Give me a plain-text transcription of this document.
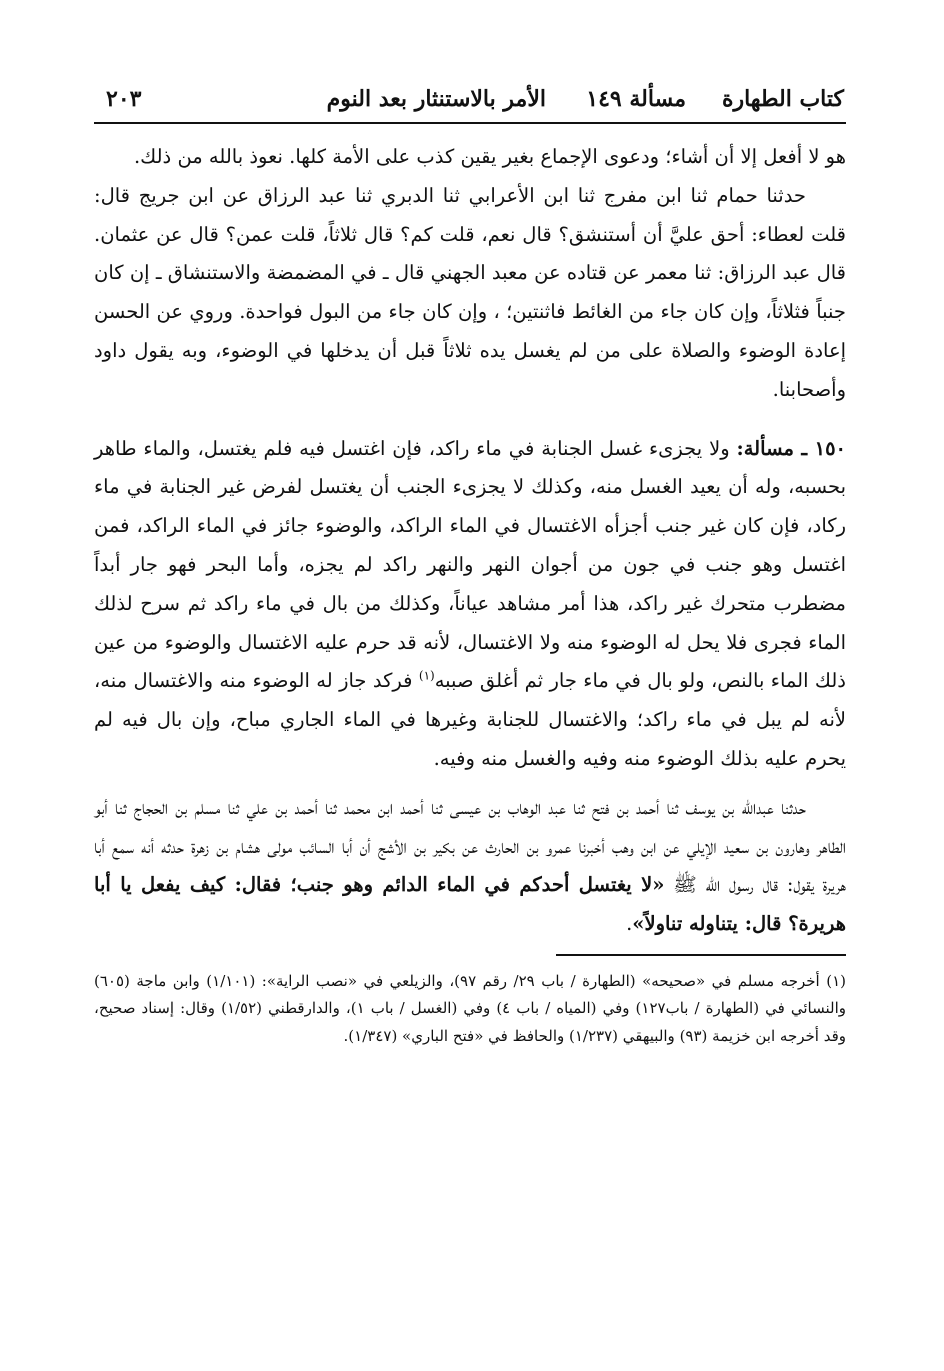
كتاب الطهارة
مسألة ١٤٩
الأمر بالاستنثار بعد النوم
٢٠٣

هو لا أفعل إلا أن أشاء؛ ودعوى الإجماع بغير يقين كذب على الأمة كلها. نعوذ بالله من ذلك.

حدثنا حمام ثنا ابن مفرج ثنا ابن الأعرابي ثنا الدبري ثنا عبد الرزاق عن ابن جريج قال: قلت لعطاء: أحق عليَّ أن أستنشق؟ قال نعم، قلت كم؟ قال ثلاثاً، قلت عمن؟ قال عن عثمان. قال عبد الرزاق: ثنا معمر عن قتاده عن معبد الجهني قال ـ في المضمضة والاستنشاق ـ إن كان جنباً فثلاثاً، وإن كان جاء من الغائط فاثنتين؛ ، وإن كان جاء من البول فواحدة. وروي عن الحسن إعادة الوضوء والصلاة على من لم يغسل يده ثلاثاً قبل أن يدخلها في الوضوء، وبه يقول داود وأصحابنا.

١٥٠ ـ مسألة: ولا يجزىء غسل الجنابة في ماء راكد، فإن اغتسل فيه فلم يغتسل، والماء طاهر بحسبه، وله أن يعيد الغسل منه، وكذلك لا يجزىء الجنب أن يغتسل لفرض غير الجنابة في ماء ركاد، فإن كان غير جنب أجزأه الاغتسال في الماء الراكد، والوضوء جائز في الماء الراكد، فمن اغتسل وهو جنب في جون من أجوان النهر والنهر راكد لم يجزه، وأما البحر فهو جار أبداً مضطرب متحرك غير راكد، هذا أمر مشاهد عياناً، وكذلك من بال في ماء راكد ثم سرح لذلك الماء فجرى فلا يحل له الوضوء منه ولا الاغتسال، لأنه قد حرم عليه الاغتسال والوضوء من عين ذلك الماء بالنص، ولو بال في ماء جار ثم أغلق صببه$^{(١)}$ فركد جاز له الوضوء منه والاغتسال منه، لأنه لم يبل في ماء راكد؛ والاغتسال للجنابة وغيرها في الماء الجاري مباح، وإن بال فيه لم يحرم عليه بذلك الوضوء منه وفيه والغسل منه وفيه.

حدثنا عبدالله بن يوسف ثنا أحمد بن فتح ثنا عبد الوهاب بن عيسى ثنا أحمد ابن محمد ثنا أحمد بن علي ثنا مسلم بن الحجاج ثنا أبو الطاهر وهارون بن سعيد الإيلي عن ابن وهب أخبرنا عمرو بن الحارث عن بكير بن الأشج أن أبا السائب مولى هشام بن زهرة حدثه أنه سمع أبا هريرة يقول: قال رسول الله ﷺ «لا يغتسل أحدكم في الماء الدائم وهو جنب؛ فقال: كيف يفعل يا أبا هريرة؟ قال: يتناوله تناولاً».

(١) أخرجه مسلم في «صحيحه» (الطهارة / باب ٢٩/ رقم ٩٧)، والزيلعي في «نصب الراية»: (١/١٠١) وابن ماجة (٦٠٥) والنسائي في (الطهارة / باب١٢٧) وفي (المياه / باب ٤) وفي (الغسل / باب ١)، والدارقطني (١/٥٢) وقال: إسناد صحيح، وقد أخرجه ابن خزيمة (٩٣) والبيهقي (١/٢٣٧) والحافظ في «فتح الباري» (١/٣٤٧).
